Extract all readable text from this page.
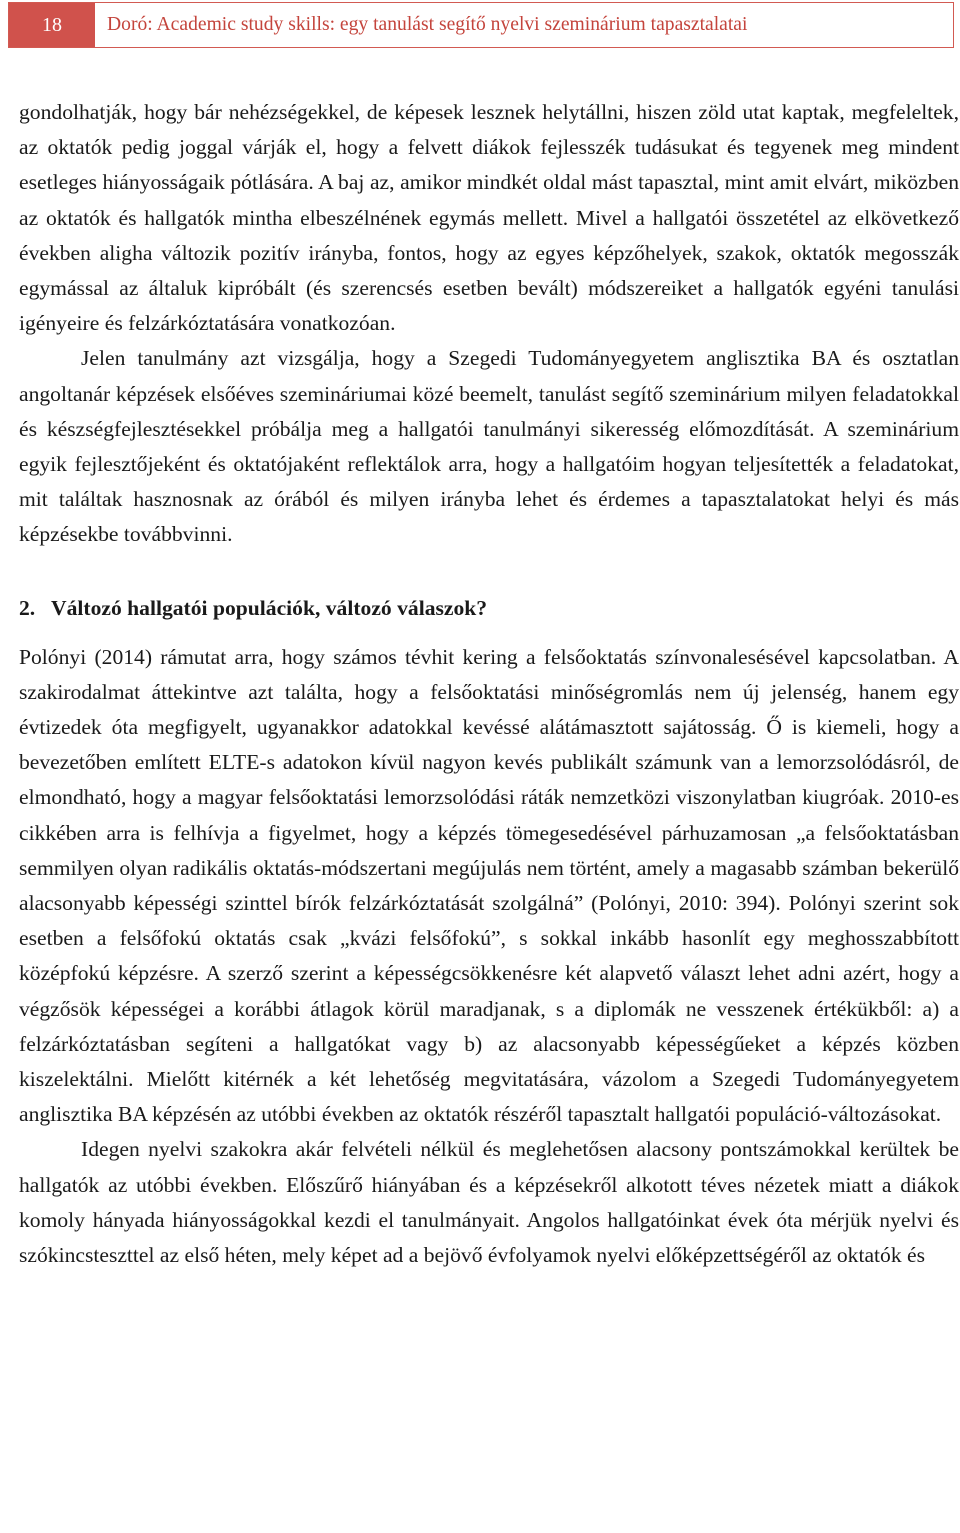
18	Doró: Academic study skills: egy tanulást segítő nyelvi szeminárium tapasztalatai

gondolhatják, hogy bár nehézségekkel, de képesek lesznek helytállni, hiszen zöld utat kaptak, megfeleltek, az oktatók pedig joggal várják el, hogy a felvett diákok fejlesszék tudásukat és tegyenek meg mindent esetleges hiányosságaik pótlására. A baj az, amikor mindkét oldal mást tapasztal, mint amit elvárt, miközben az oktatók és hallgatók mintha elbeszélnének egymás mellett. Mivel a hallgatói összetétel az elkövetkező években aligha változik pozitív irányba, fontos, hogy az egyes képzőhelyek, szakok, oktatók megosszák egymással az általuk kipróbált (és szerencsés esetben bevált) módszereiket a hallgatók egyéni tanulási igényeire és felzárkóztatására vonatkozóan.

Jelen tanulmány azt vizsgálja, hogy a Szegedi Tudományegyetem anglisztika BA és osztatlan angoltanár képzések elsőéves szemináriumai közé beemelt, tanulást segítő szeminárium milyen feladatokkal és készségfejlesztésekkel próbálja meg a hallgatói tanulmányi sikeresség előmozdítását. A szeminárium egyik fejlesztőjeként és oktatójaként reflektálok arra, hogy a hallgatóim hogyan teljesítették a feladatokat, mit találtak hasznosnak az órából és milyen irányba lehet és érdemes a tapasztalatokat helyi és más képzésekbe továbbvinni.

2. Változó hallgatói populációk, változó válaszok?

Polónyi (2014) rámutat arra, hogy számos tévhit kering a felsőoktatás színvonalesésével kapcsolatban. A szakirodalmat áttekintve azt találta, hogy a felsőoktatási minőségromlás nem új jelenség, hanem egy évtizedek óta megfigyelt, ugyanakkor adatokkal kevéssé alátámasztott sajátosság. Ő is kiemeli, hogy a bevezetőben említett ELTE-s adatokon kívül nagyon kevés publikált számunk van a lemorzsolódásról, de elmondható, hogy a magyar felsőoktatási lemorzsolódási ráták nemzetközi viszonylatban kiugróak. 2010-es cikkében arra is felhívja a figyelmet, hogy a képzés tömegesedésével párhuzamosan „a felsőoktatásban semmilyen olyan radikális oktatás-módszertani megújulás nem történt, amely a magasabb számban bekerülő alacsonyabb képességi szinttel bírók felzárkóztatását szolgálná” (Polónyi, 2010: 394). Polónyi szerint sok esetben a felsőfokú oktatás csak „kvázi felsőfokú”, s sokkal inkább hasonlít egy meghosszabbított középfokú képzésre. A szerző szerint a képességcsökkenésre két alapvető választ lehet adni azért, hogy a végzősök képességei a korábbi átlagok körül maradjanak, s a diplomák ne vesszenek értékükből: a) a felzárkóztatásban segíteni a hallgatókat vagy b) az alacsonyabb képességűeket a képzés közben kiszelektálni. Mielőtt kitérnék a két lehetőség megvitatására, vázolom a Szegedi Tudományegyetem anglisztika BA képzésén az utóbbi években az oktatók részéről tapasztalt hallgatói populáció-változásokat.

Idegen nyelvi szakokra akár felvételi nélkül és meglehetősen alacsony pontszámokkal kerültek be hallgatók az utóbbi években. Előszűrő hiányában és a képzésekről alkotott téves nézetek miatt a diákok komoly hányada hiányosságokkal kezdi el tanulmányait. Angolos hallgatóinkat évek óta mérjük nyelvi és szókincsteszttel az első héten, mely képet ad a bejövő évfolyamok nyelvi előképzettségéről az oktatók és
